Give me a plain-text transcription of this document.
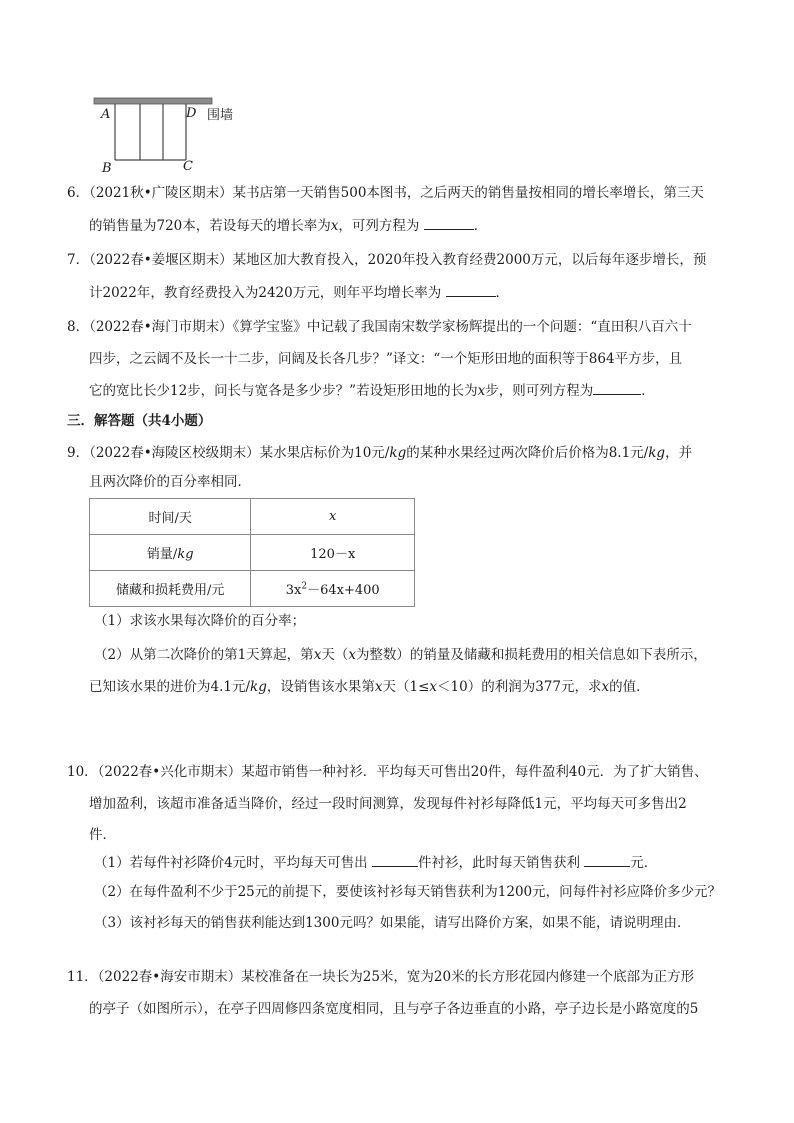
A	D 围墙
B	C
6．（2021秋•广陵区期末）某书店第一天销售500本图书，之后两天的销售量按相同的增长率增长，第三天
的销售量为720本，若设每天的增长率为x，可列方程为	．
7．（2022春•姜堰区期末）某地区加大教育投入，2020年投入教育经费2000万元，以后每年逐步增长，预
计2022年，教育经费投入为2420万元，则年平均增长率为	．
8．（2022春•海门市期末）《算学宝鉴》中记载了我国南宋数学家杨辉提出的一个问题：“直田积八百六十
四步，之云阔不及长一十二步，问阔及长各几步？”译文：“一个矩形田地的面积等于864平方步，且
它的宽比长少12步，问长与宽各是多少步？”若设矩形田地的长为x步，则可列方程为	．
三．解答题（共4小题）
9．（2022春•海陵区校级期末）某水果店标价为10元/kg的某种水果经过两次降价后价格为8.1元/kg，并
且两次降价的百分率相同．
时间/天	x
销量/kg	120－x
储藏和损耗费用/元	$3x^2-64x+400$
（1）求该水果每次降价的百分率；
（2）从第二次降价的第1天算起，第x天（x为整数）的销量及储藏和损耗费用的相关信息如下表所示，
已知该水果的进价为4.1元/kg，设销售该水果第x天（1≤x＜10）的利润为377元，求x的值．
10．（2022春•兴化市期末）某超市销售一种衬衫．平均每天可售出20件，每件盈利40元．为了扩大销售、
增加盈利，该超市准备适当降价，经过一段时间测算，发现每件衬衫每降低1元，平均每天可多售出2
件．
（1）若每件衬衫降价4元时，平均每天可售出	件衬衫，此时每天销售获利	元．
（2）在每件盈利不少于25元的前提下，要使该衬衫每天销售获利为1200元，问每件衬衫应降价多少元？
（3）该衬衫每天的销售获利能达到1300元吗？如果能，请写出降价方案，如果不能，请说明理由．
11．（2022春•海安市期末）某校准备在一块长为25米，宽为20米的长方形花园内修建一个底部为正方形
的亭子（如图所示），在亭子四周修四条宽度相同，且与亭子各边垂直的小路，亭子边长是小路宽度的5
